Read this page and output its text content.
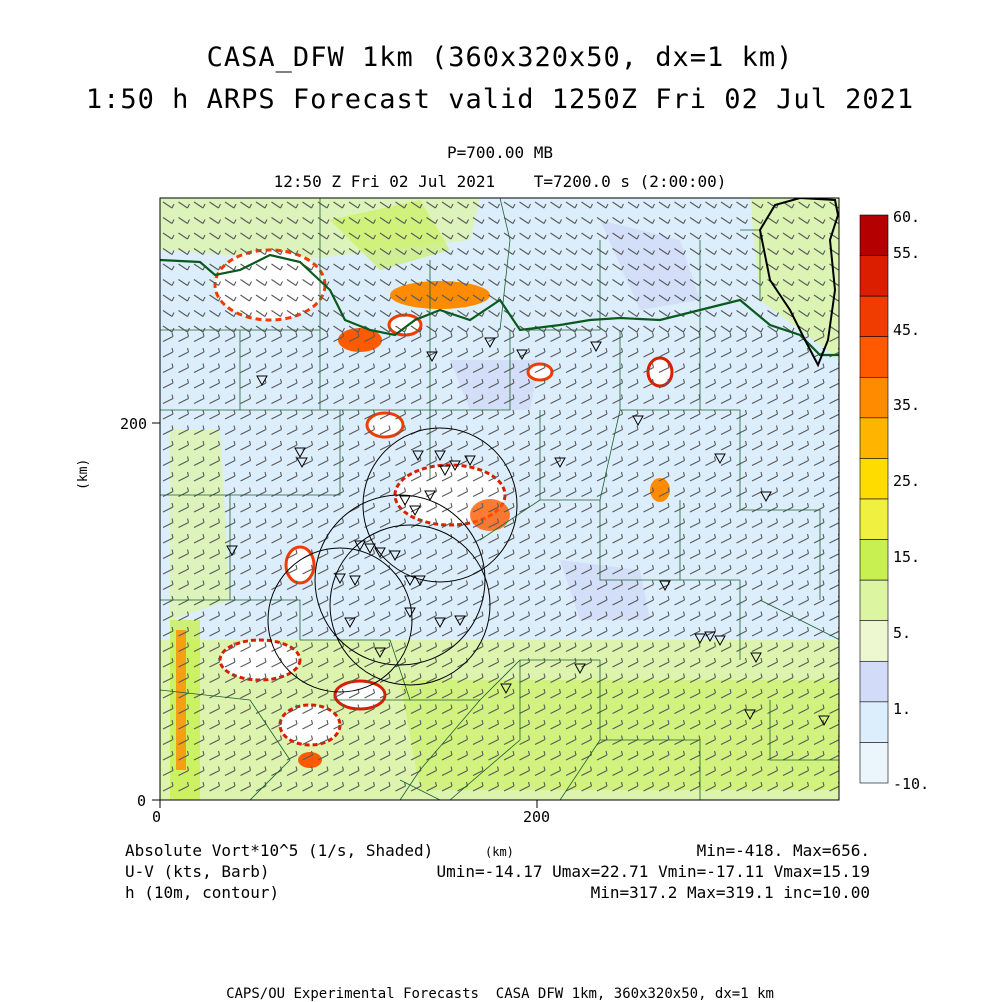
CASA_DFW 1km (360x320x50, dx=1 km)
1:50 h ARPS Forecast valid 1250Z Fri 02 Jul 2021
P=700.00 MB
12:50 Z Fri 02 Jul 2021    T=7200.0 s (2:00:00)
0	200
0
200
(km)
60.
55.
45.
35.
25.
15.
5.
1.
-10.
Absolute Vort*10^5 (1/s, Shaded)
U-V (kts, Barb)
h (10m, contour)
(km)	Min=-418. Max=656.
Umin=-14.17 Umax=22.71 Vmin=-17.11 Vmax=15.19
Min=317.2 Max=319.1 inc=10.00
CAPS/OU Experimental Forecasts  CASA DFW 1km, 360x320x50, dx=1 km
